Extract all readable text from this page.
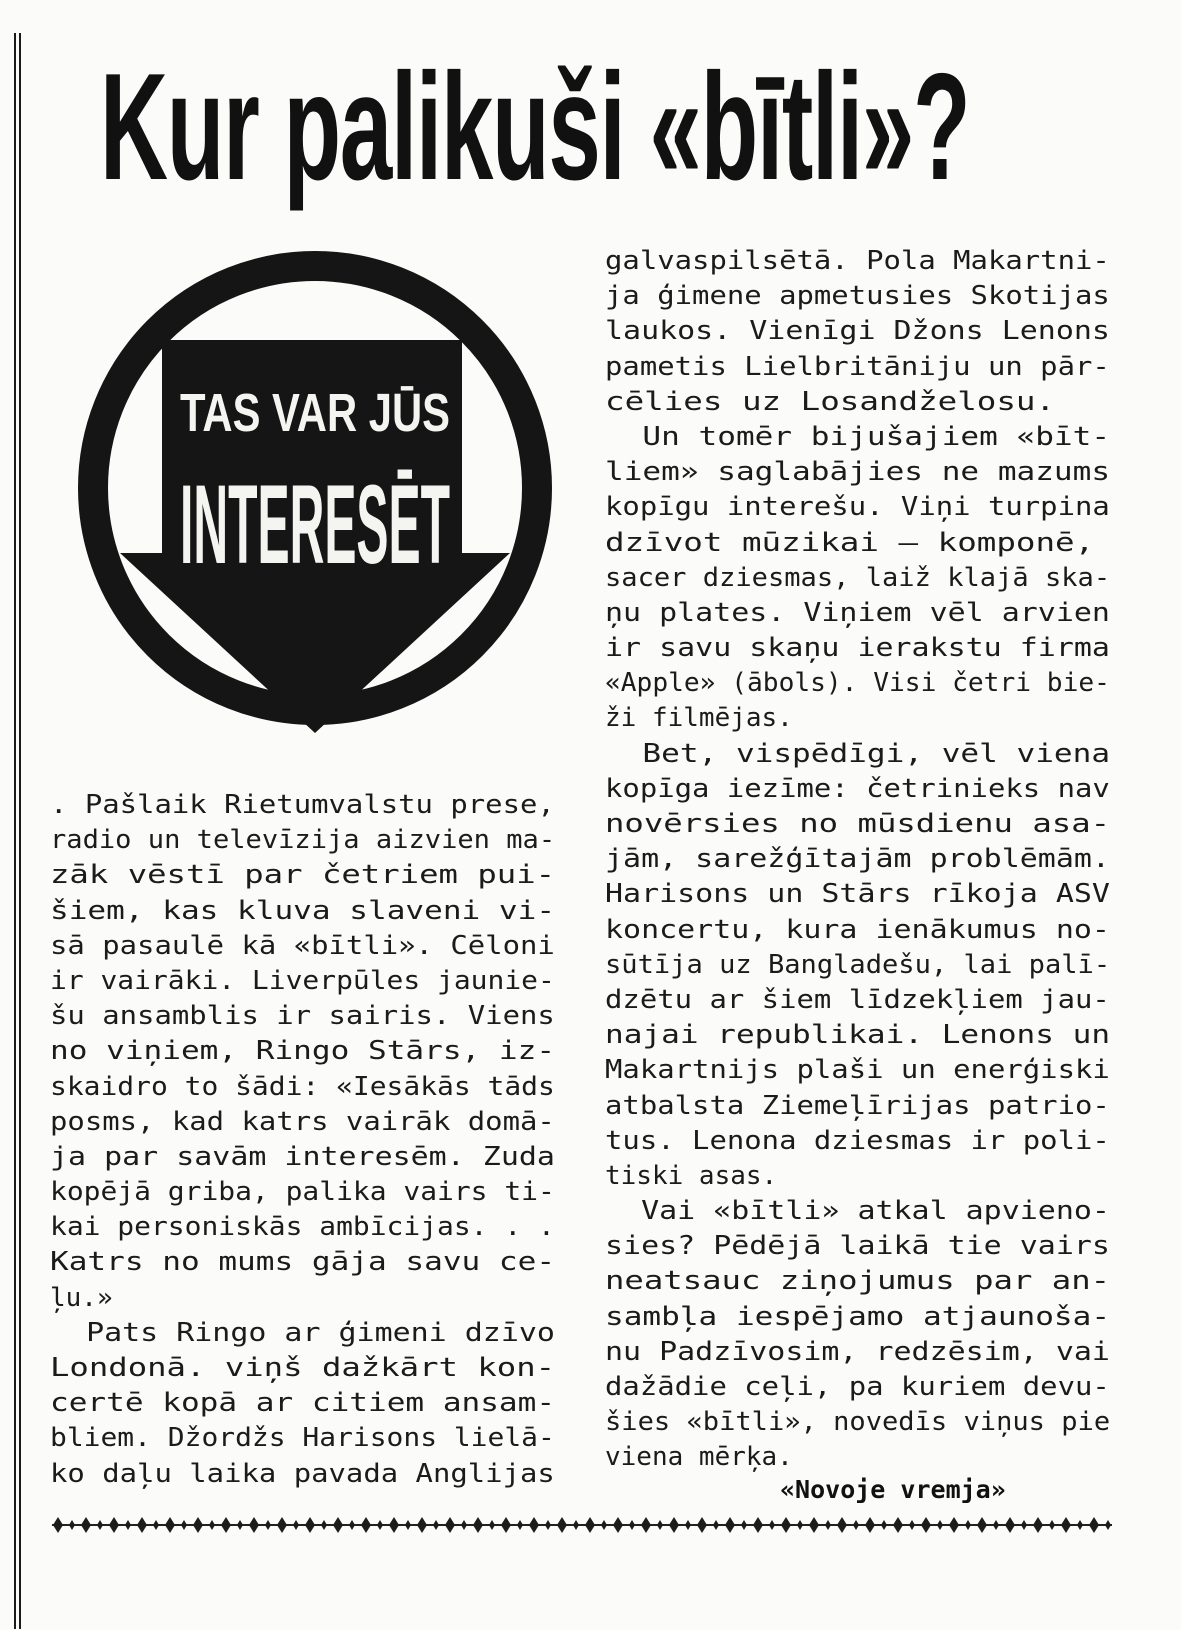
Kur palikuši «bītli»?
TAS VAR JŪS
INTERESĒT
. Pašlaik Rietumvalstu prese,
radio un televīzija aizvien ma-
zāk vēstī par četriem pui-
šiem, kas kluva slaveni vi-
sā pasaulē kā «bītli». Cēloni
ir vairāki. Liverpūles jaunie-
šu ansamblis ir sairis. Viens
no viņiem, Ringo Stārs, iz-
skaidro to šādi: «Iesākās tāds
posms, kad katrs vairāk domā-
ja par savām interesēm. Zuda
kopējā griba, palika vairs ti-
kai personiskās ambīcijas. . .
Katrs no mums gāja savu ce-
ļu.»
Pats Ringo ar ģimeni dzīvo
Londonā. viņš dažkārt kon-
certē kopā ar citiem ansam-
bliem. Džordžs Harisons lielā-
ko daļu laika pavada Anglijas
galvaspilsētā. Pola Makartni-
ja ģimene apmetusies Skotijas
laukos. Vienīgi Džons Lenons
pametis Lielbritāniju un pār-
cēlies uz Losandželosu.
Un tomēr bijušajiem «bīt-
liem» saglabājies ne mazums
kopīgu interešu. Viņi turpina
dzīvot mūzikai — komponē,
sacer dziesmas, laiž klajā ska-
ņu plates. Viņiem vēl arvien
ir savu skaņu ierakstu firma
«Apple» (ābols). Visi četri bie-
ži filmējas.
Bet, vispēdīgi, vēl viena
kopīga iezīme: četrinieks nav
novērsies no mūsdienu asa-
jām, sarežģītajām problēmām.
Harisons un Stārs rīkoja ASV
koncertu, kura ienākumus no-
sūtīja uz Bangladešu, lai palī-
dzētu ar šiem līdzekļiem jau-
najai republikai. Lenons un
Makartnijs plaši un enerģiski
atbalsta Ziemeļīrijas patrio-
tus. Lenona dziesmas ir poli-
tiski asas.
Vai «bītli» atkal apvieno-
sies? Pēdējā laikā tie vairs
neatsauc ziņojumus par an-
sambļa iespējamo atjaunoša-
nu Padzīvosim, redzēsim, vai
dažādie ceļi, pa kuriem devu-
šies «bītli», novedīs viņus pie
viena mērķa.
«Novoje vremja»
